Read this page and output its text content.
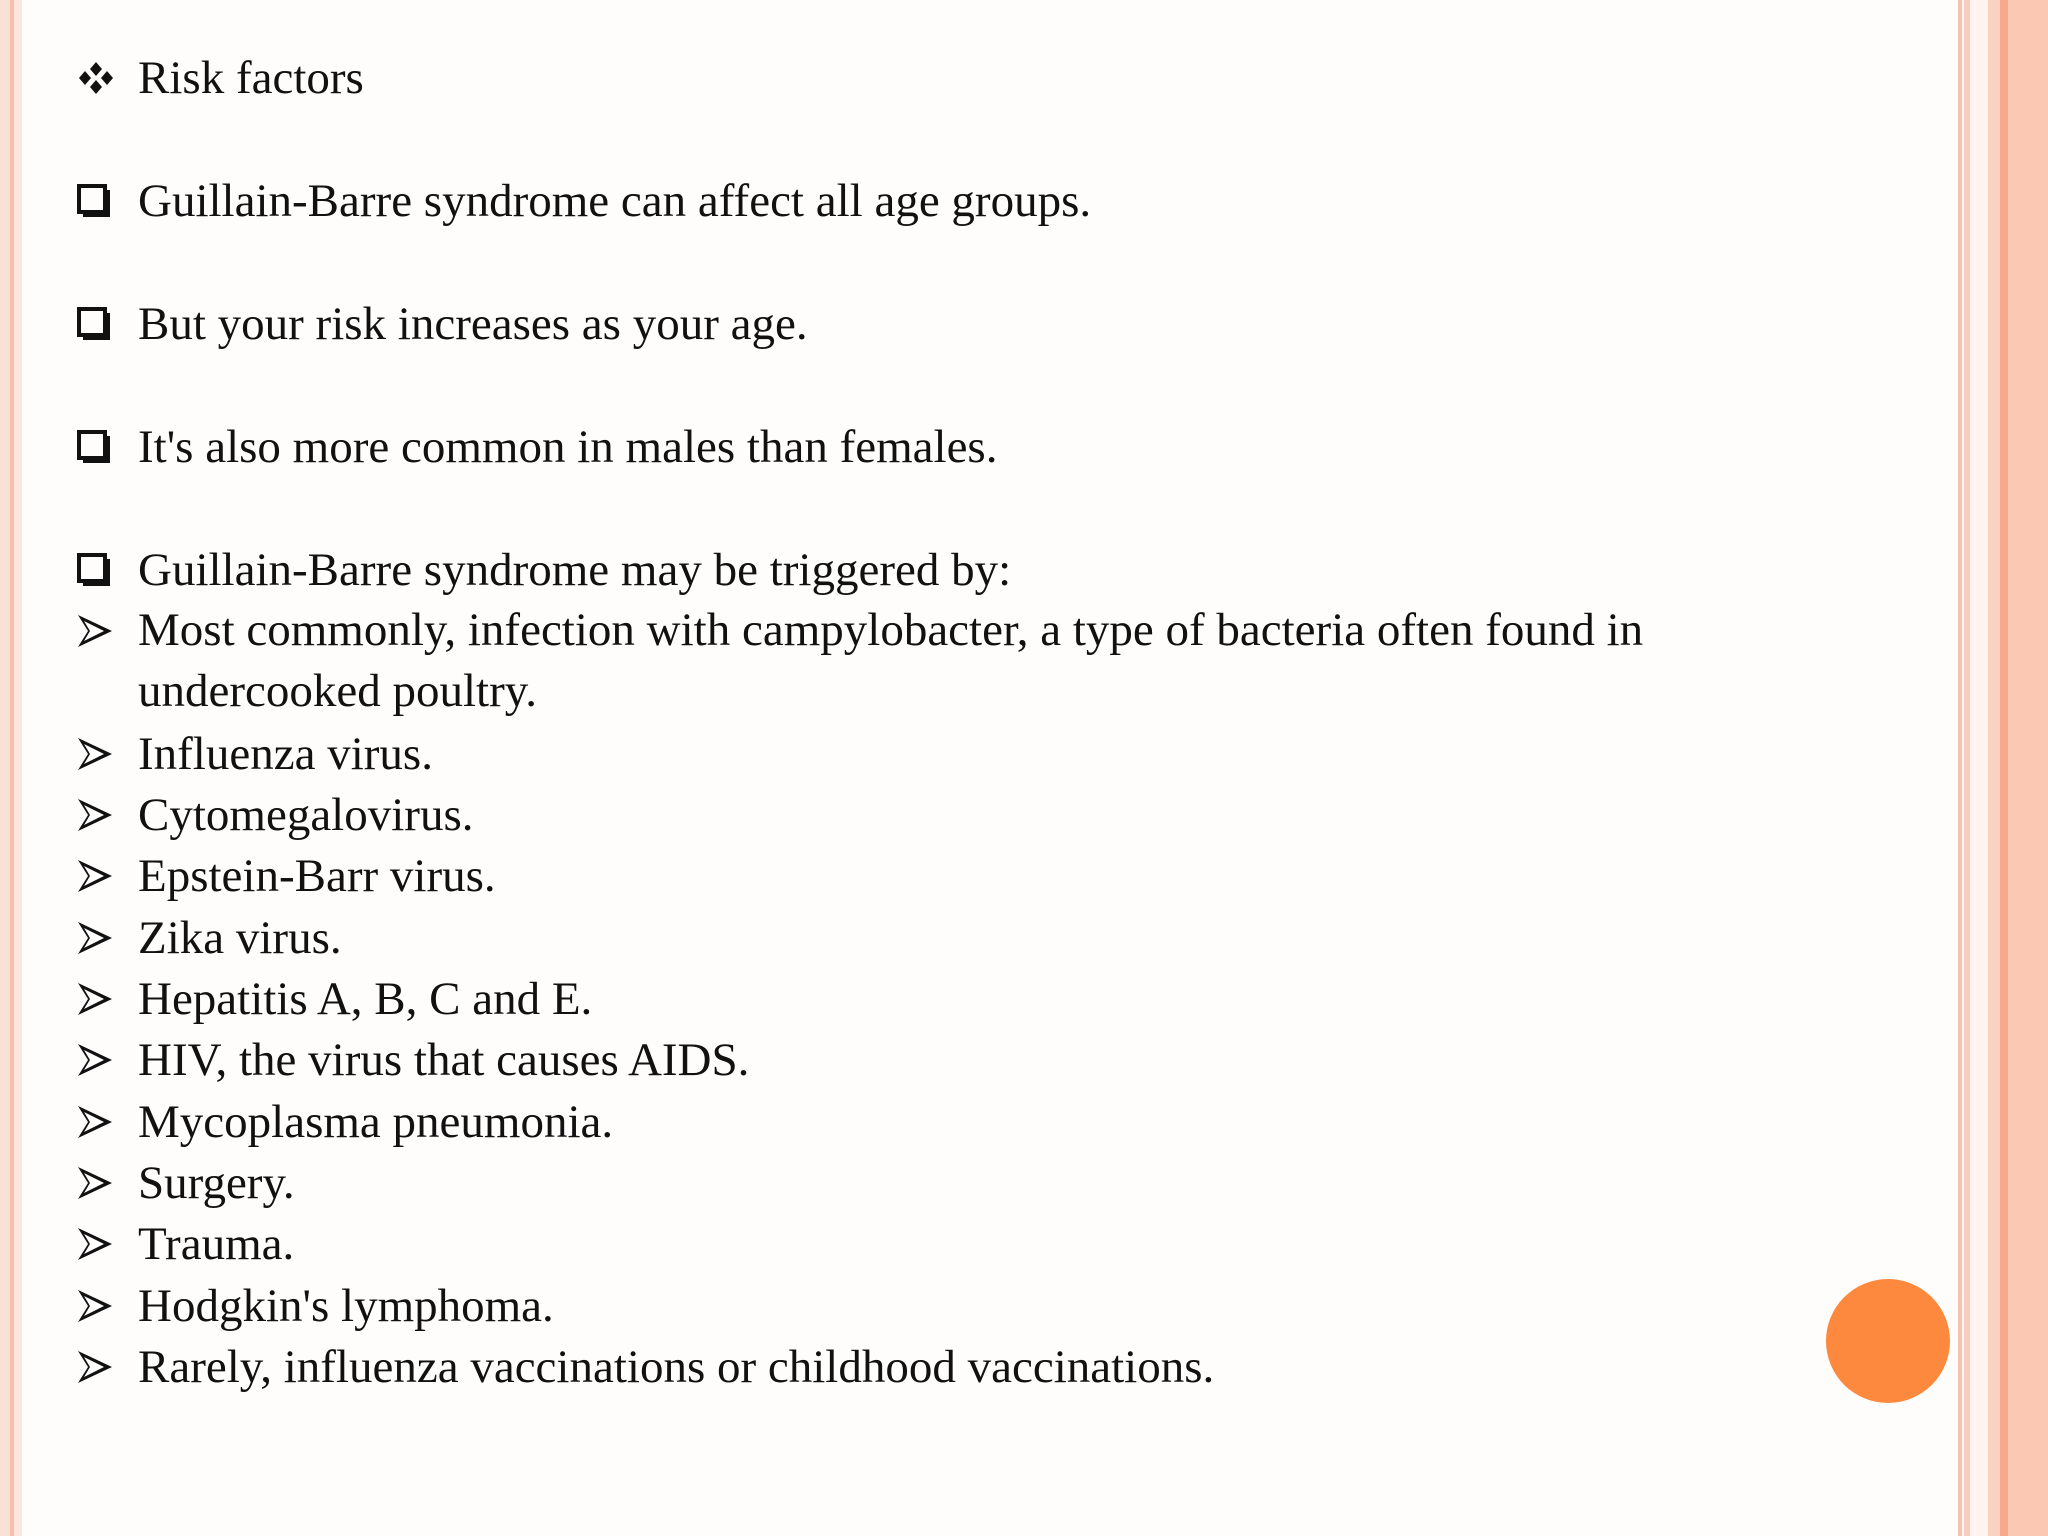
Risk factors
Guillain-Barre syndrome can affect all age groups.
But your risk increases as your age.
It's also more common in males than females.
Guillain-Barre syndrome may be triggered by:
Most commonly, infection with campylobacter, a type of bacteria often found in undercooked poultry.
Influenza virus.
Cytomegalovirus.
Epstein-Barr virus.
Zika virus.
Hepatitis A, B, C and E.
HIV, the virus that causes AIDS.
Mycoplasma pneumonia.
Surgery.
Trauma.
Hodgkin's lymphoma.
Rarely, influenza vaccinations or childhood vaccinations.
